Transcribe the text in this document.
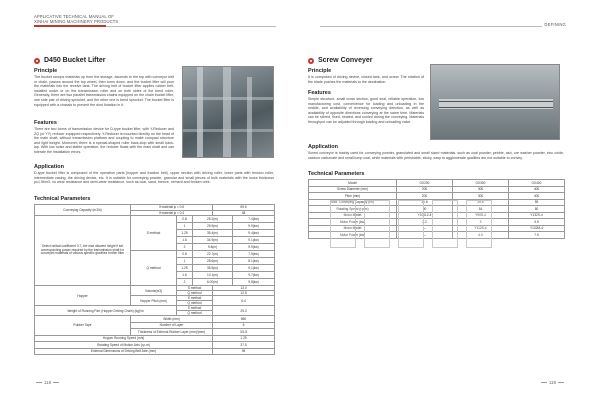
APPLICATIVE TECHNICAL MANUAL OF
XINHAI MINING MACHINERY PRODUCTS
D450 Bucket Lifter
Principle
The bucket scoops materials up from the storage, ascends to the top with conveyor belt or chain, passes around the top wheel, then turns down, and the bucket lifter will pour the materials into the receive tank. The driving belt of bucket lifter applies rubber belt, installed under or on the transmission roller and on both sides of the bend roller. Generally, there are two parallel transmission chains equipped on the chain bucket lifter, one side pair of driving sprocket, and the other one is bend sprocket. The bucket lifter is equipped with a chassis to prevent the dust flotation in it.
Features
There are two forms of transmission device for D-type bucket lifter, with Y-Reducer and ZQ (or YY) reducer equipped respectively. Y-Reducer is mounted directly on the head of the main shaft, without transmission platform and coupling to make compact structure and light weight. Moreover, there is a special-shaped roller back-stop with small back-lap. With low noise and stable operation, the reducer floats with the main shaft and can tolerate the installation errors.
Application
D-type bucket lifter is composed of the operation parts (hopper and traction belt), upper section with driving roller, lower parts with tension roller, intermediate casing, the driving device, etc. It is suitable for conveying powder, granular and small pieces of bulk materials with the loose thickness ρ≤1.5t/m3, no wear resistance and semi-wear resistance, such as coal, sand, breeze, cement and broken ores.
Technical Parameters
Conveying Capacity (m3/h)	If material φ = 0.6			69.5	
	If material φ = 0.4			48	
Select helical coefficient 0.7, the max allowed height if set corresponding power required by the transmission shaft for conveyed materials of various specific gravities further filter	S method	0.8	25.2(m)		7.4(kw)
		1	29.9(m)		9.9(kw)
		1.25	35.4(m)		9.4(kw)
		1.6	34.9(m)		9.1(kw)
		2	9.8(m)		9.9(kw)
	Q method	0.8	22.7(m)		7.5(kw)
		1	28.6(m)		8.1(kw)
		1.25	35.5(m)		9.1(kw)
		1.6	13.1(m)		9.7(kw)
		2	6.00(m)		9.8(kw)
Hopper	Volume(m3)	S method		13.0	
		Q method		12.5	
	Hopper Pitch (mm)	S method		6.4	
		Q method			
Weight of Running Part (Hopper Driving Chain) (kg)/m		S method		25.3	
		Q method			
Rubber Tape	Width (mm)			560	
	Number of Layer			6	
	Thickness of External Rubber Layer (mm)/(mm)			3/1.5	
Hopper Running Speed (m/s)				1.25	
Rotating Speed of Motion Axis (r.p.m)				37.5	
External Dimensions of Driving Belt Axle (mm)				95	
118
DEFINING
Screw Conveyer
Principle
It is composed of driving device, closed tank, and screw. The rotation of the blade pushes the materials to the destination.
Features
Simple structure, small cross section, good seal, reliable operation, low manufacturing cost, convenience for loading and unloading in the middle, and availability of reversing conveying direction, as well as availability of opposite directions conveying at the same time. Materials can be stirred, fixed, heated, and cooled during the conveying. Materials throughput can be adjusted through loading and unloading valve.
Application
Screw conveyor is mainly used for conveying powder, granulated and small sized materials, such as coal powder, pebble, ash, ore washer powder, zinc oxide, calcium carbonate and small lump coal, while materials with perishable, sticky, easy to agglomerate qualities are not suitable to convey.
Technical Parameters
Model	GX200	GX300	GX400
Screw Diameter (mm)	200	300	400
Pitch (mm)	200	300	400
Max. Conveying Capacity (t/h)	10.8	25.6	55
Rotating Speed (r.p.m)	90	84	80
Motor Model	Y100L2-4	Y90S-4	Y132S-4
Motor Power (kw)	2.2	3	5.5
Motor Model	—	Y112S-4	Y132M-4
Motor Power (kw)	—	4.0	7.5
119
